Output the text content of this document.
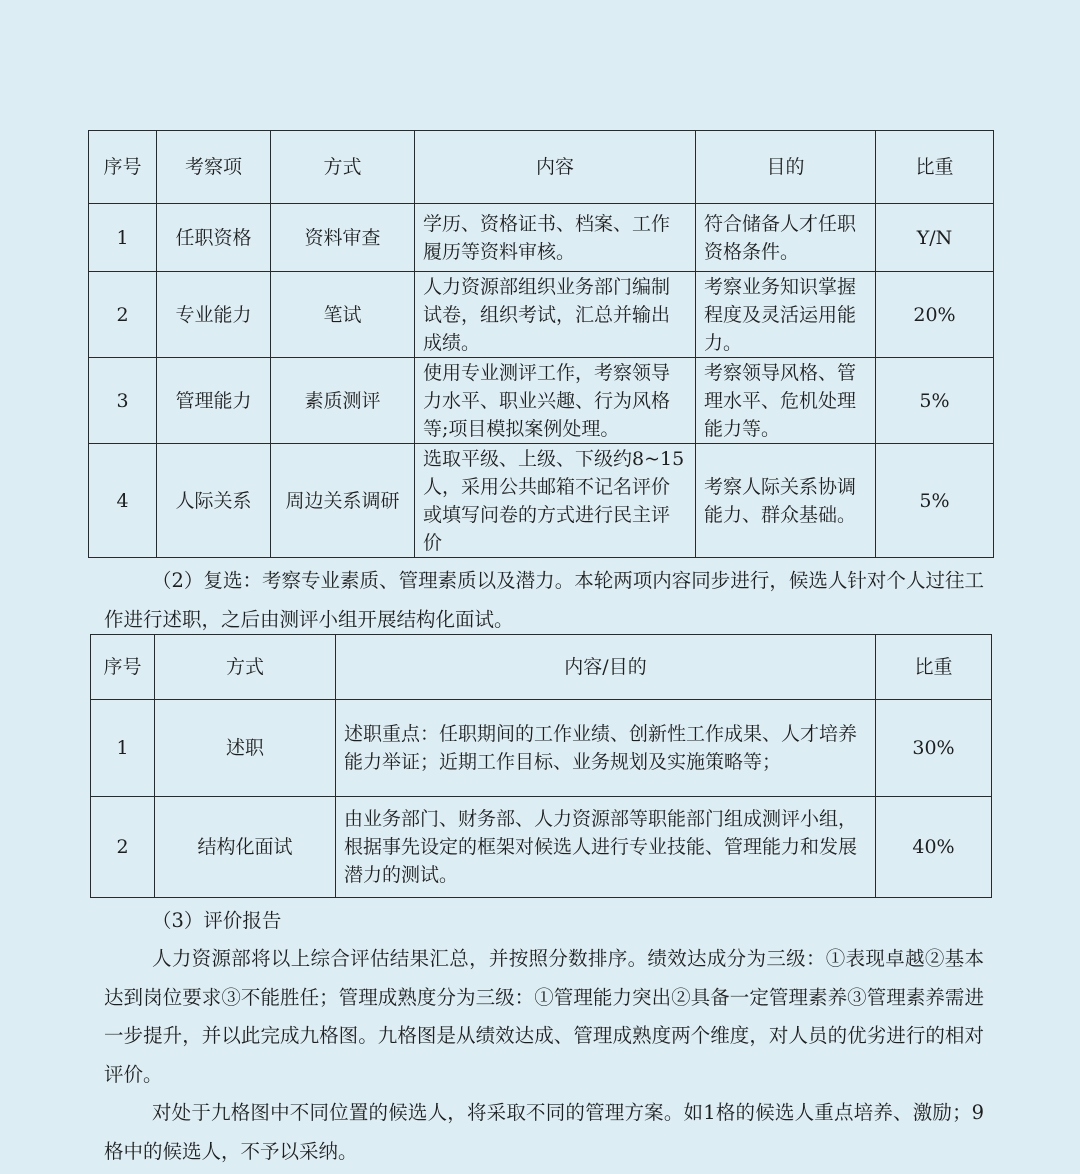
序号	考察项	方式	内容	目的	比重
1	任职资格	资料审查	学历、资格证书、档案、工作履历等资料审核。	符合储备人才任职资格条件。	Y/N
2	专业能力	笔试	人力资源部组织业务部门编制试卷，组织考试，汇总并输出成绩。	考察业务知识掌握程度及灵活运用能力。	20%
3	管理能力	素质测评	使用专业测评工作，考察领导力水平、职业兴趣、行为风格等;项目模拟案例处理。	考察领导风格、管理水平、危机处理能力等。	5%
4	人际关系	周边关系调研	选取平级、上级、下级约8~15人，采用公共邮箱不记名评价或填写问卷的方式进行民主评价	考察人际关系协调能力、群众基础。	5%

（2）复选：考察专业素质、管理素质以及潜力。本轮两项内容同步进行，候选人针对个人过往工作进行述职，之后由测评小组开展结构化面试。

序号	方式	内容/目的	比重
1	述职	述职重点：任职期间的工作业绩、创新性工作成果、人才培养能力举证；近期工作目标、业务规划及实施策略等；	30%
2	结构化面试	由业务部门、财务部、人力资源部等职能部门组成测评小组，根据事先设定的框架对候选人进行专业技能、管理能力和发展潜力的测试。	40%

（3）评价报告

人力资源部将以上综合评估结果汇总，并按照分数排序。绩效达成分为三级：①表现卓越②基本达到岗位要求③不能胜任；管理成熟度分为三级：①管理能力突出②具备一定管理素养③管理素养需进一步提升，并以此完成九格图。九格图是从绩效达成、管理成熟度两个维度，对人员的优劣进行的相对评价。

对处于九格图中不同位置的候选人，将采取不同的管理方案。如1格的候选人重点培养、激励；9格中的候选人，不予以采纳。
